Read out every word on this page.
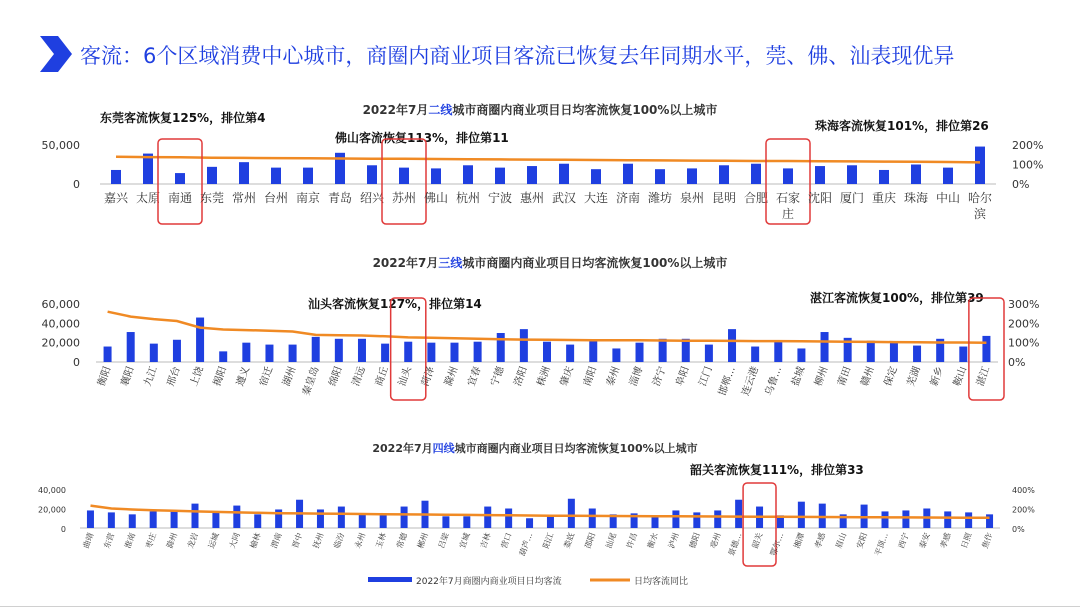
客流：6个区域消费中心城市，商圈内商业项目客流已恢复去年同期水平，莞、佛、汕表现优异
2022年7月二线城市商圈内商业项目日均客流恢复100%以上城市
东莞客流恢复125%，排位第4
佛山客流恢复113%，排位第11
珠海客流恢复101%，排位第26
50,000
0
200%
100%
0%
嘉兴 太原 南通 东莞 常州 台州 南京 青岛 绍兴 苏州 佛山 杭州 宁波 惠州 武汉 大连 济南 潍坊 泉州 昆明 合肥 石家庄
沈阳 厦门 重庆 珠海 中山 哈尔滨
2022年7月三线城市商圈内商业项目日均客流恢复100%以上城市
汕头客流恢复127%，排位第14	湛江客流恢复100%，排位第39
60,000
40,000
20,000
0
300%
200%
100%
0%
衡阳 襄阳 九江 邢台 上饶 揭阳 遵义 宿迁 湖州 秦皇岛 绵阳 清远 商丘 汕头 菏泽 滁州 宜春 宁德 洛阳 株洲 肇庆 南阳 泰州 淄博 济宁 阜阳 江门 邯郸… 连云港 乌鲁… 盐城 柳州 莆田 赣州 保定 芜湖 新乡 鞍山 湛江
2022年7月四线城市商圈内商业项目日均客流恢复100%以上城市
韶关客流恢复111%，排位第33
40,000
20,000
0
400%
200%
0%
曲靖 东营 淮南 枣庄 滁州 龙岩 运城 大同 榆林 渭南 晋中 抚州 临汾 永州 玉林 常德 郴州 吕梁 宜城 吉林 营口 葫芦… 阳江 娄底 邵阳 汕尾 许昌 衡水 泸州 德阳 亳州 景德… 韶关 鄂尔… 湘潭 孝感 眉山 安阳 平顶… 西宁 泰安 孝感 日照 焦作
2022年7月商圈内商业项目日均客流	日均客流同比
